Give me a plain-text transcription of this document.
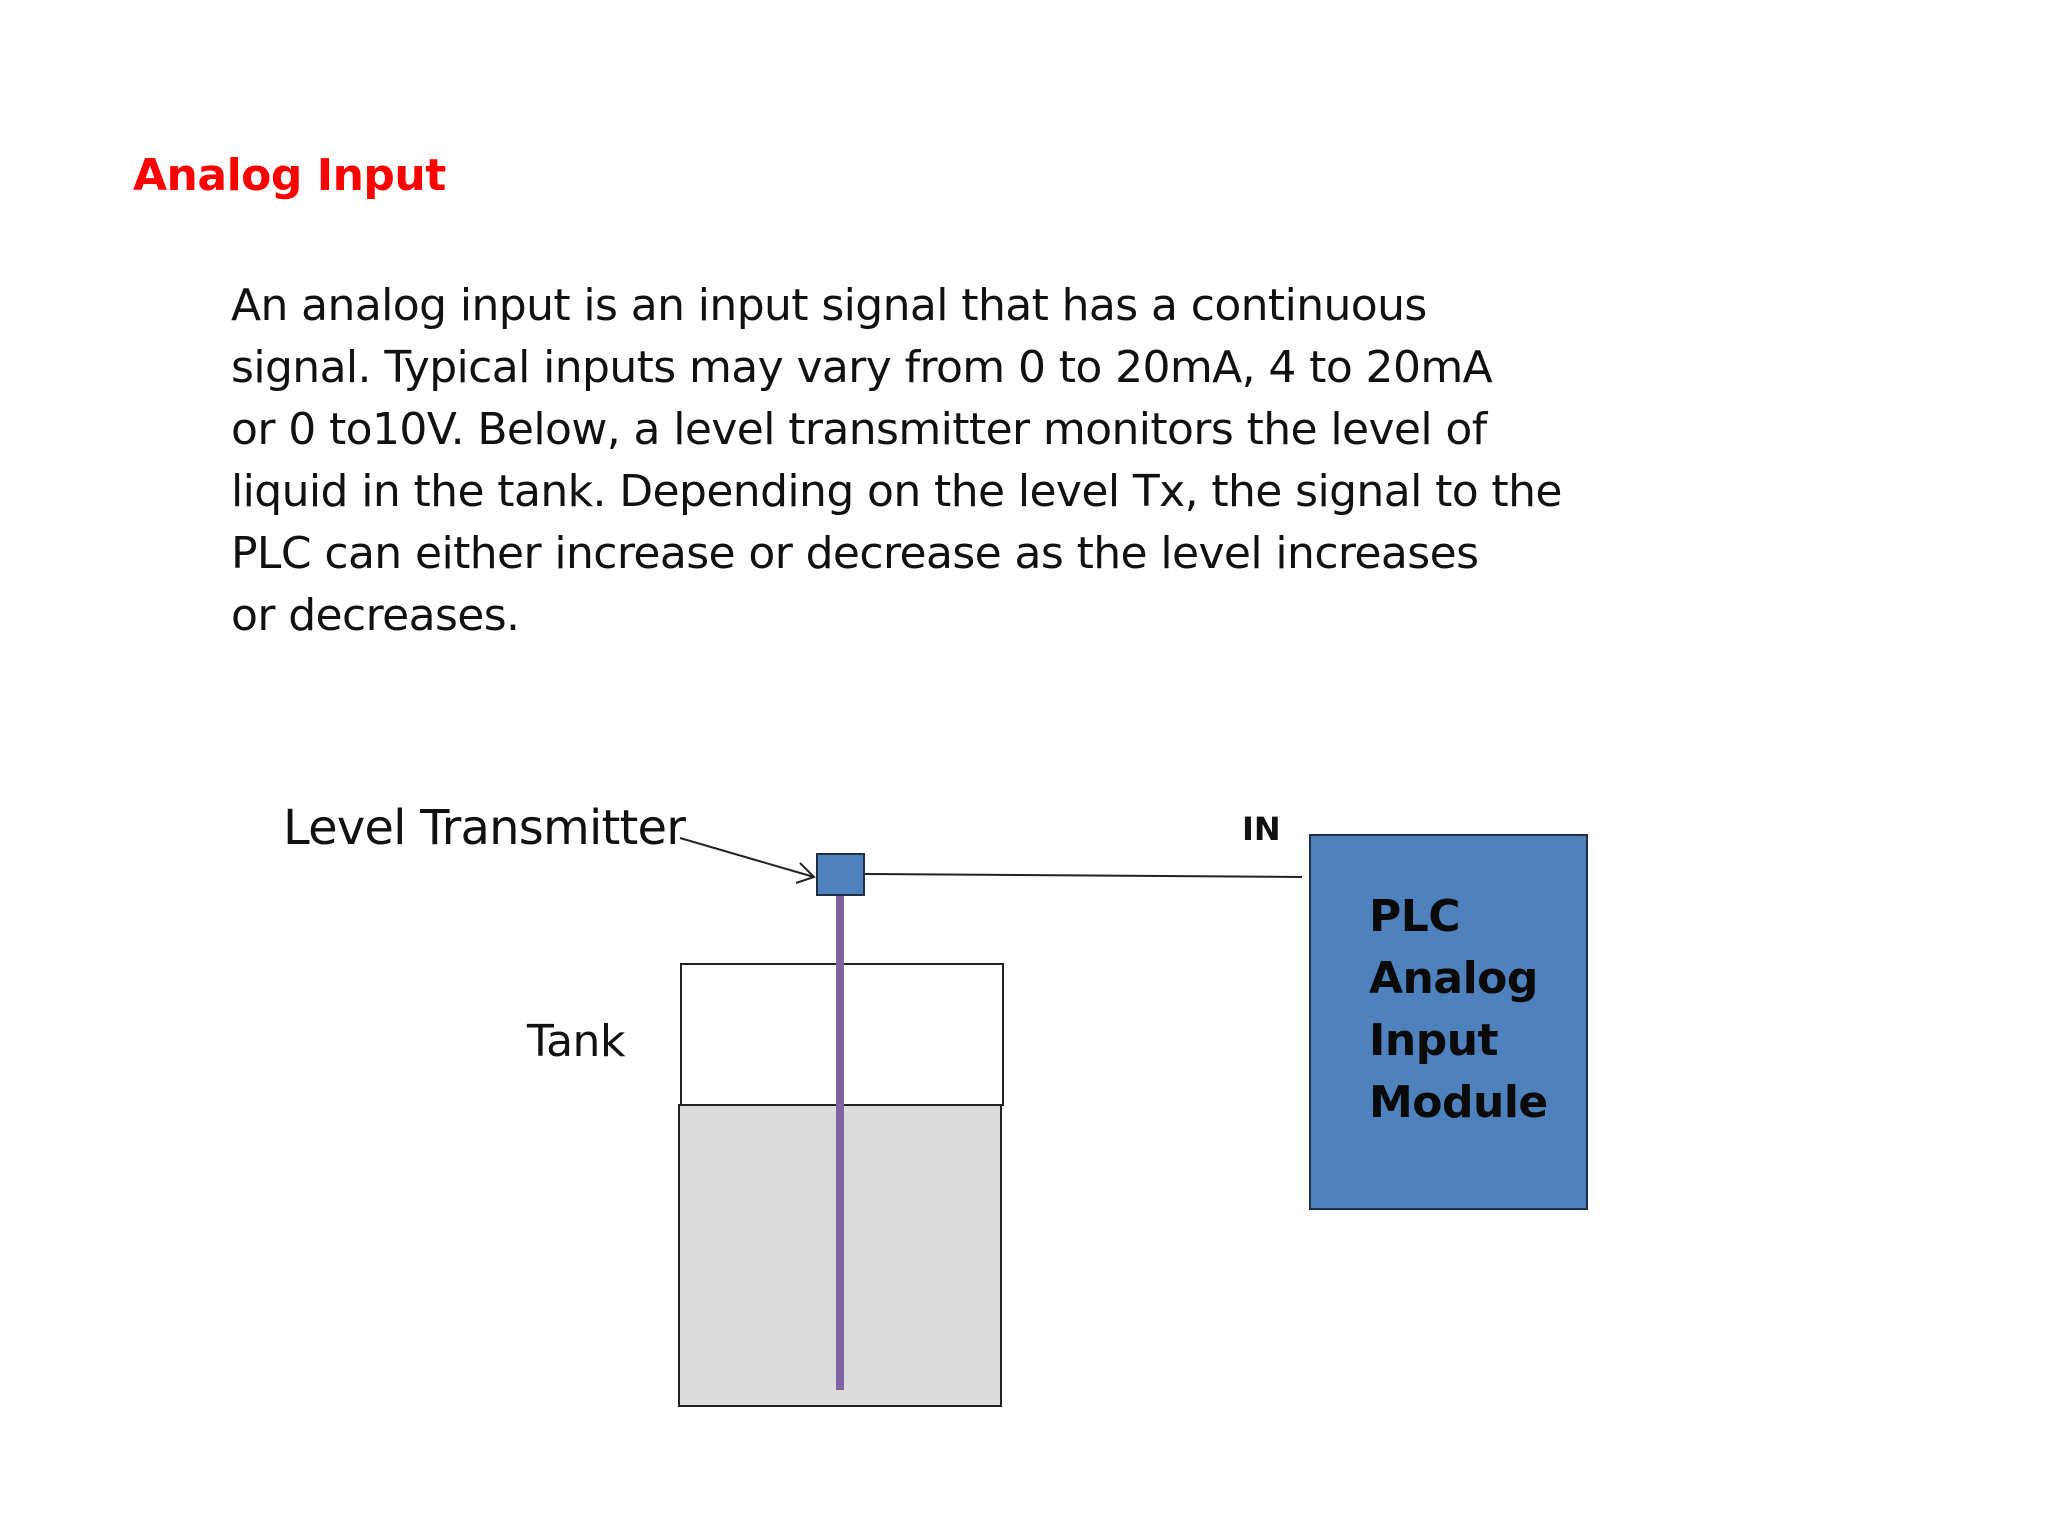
Analog Input
An analog input is an input signal that has a continuous
signal. Typical inputs may vary from 0 to 20mA, 4 to 20mA
or 0 to10V. Below, a level transmitter monitors the level of
liquid in the tank. Depending on the level Tx, the signal to the
PLC can either increase or decrease as the level increases
or decreases.
Level Transmitter
Tank
IN
PLC
Analog
Input
Module
